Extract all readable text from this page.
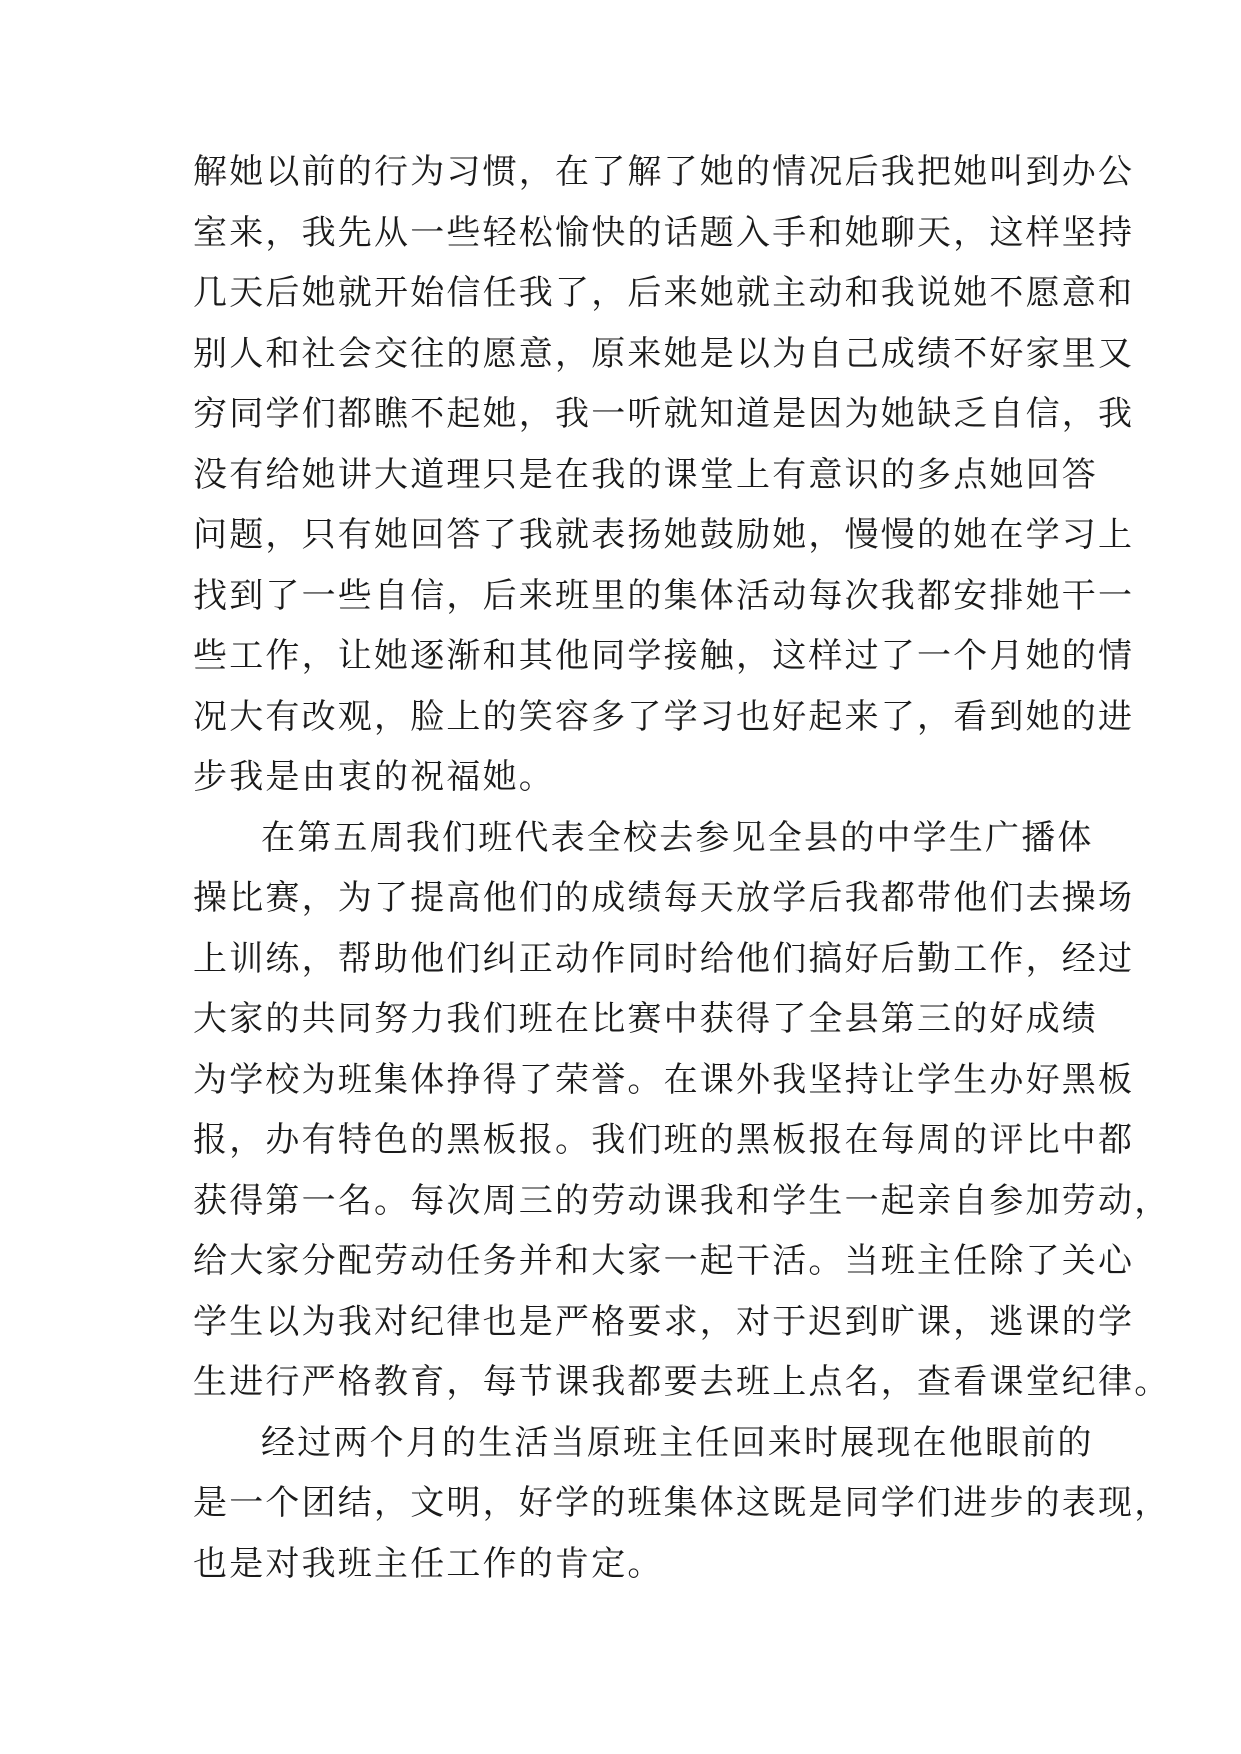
解她以前的行为习惯，在了解了她的情况后我把她叫到办公
室来，我先从一些轻松愉快的话题入手和她聊天，这样坚持
几天后她就开始信任我了，后来她就主动和我说她不愿意和
别人和社会交往的愿意，原来她是以为自己成绩不好家里又
穷同学们都瞧不起她，我一听就知道是因为她缺乏自信，我
没有给她讲大道理只是在我的课堂上有意识的多点她回答
问题，只有她回答了我就表扬她鼓励她，慢慢的她在学习上
找到了一些自信，后来班里的集体活动每次我都安排她干一
些工作，让她逐渐和其他同学接触，这样过了一个月她的情
况大有改观，脸上的笑容多了学习也好起来了，看到她的进
步我是由衷的祝福她。
在第五周我们班代表全校去参见全县的中学生广播体
操比赛，为了提高他们的成绩每天放学后我都带他们去操场
上训练，帮助他们纠正动作同时给他们搞好后勤工作，经过
大家的共同努力我们班在比赛中获得了全县第三的好成绩
为学校为班集体挣得了荣誉。在课外我坚持让学生办好黑板
报，办有特色的黑板报。我们班的黑板报在每周的评比中都
获得第一名。每次周三的劳动课我和学生一起亲自参加劳动，
给大家分配劳动任务并和大家一起干活。当班主任除了关心
学生以为我对纪律也是严格要求，对于迟到旷课，逃课的学
生进行严格教育，每节课我都要去班上点名，查看课堂纪律。
经过两个月的生活当原班主任回来时展现在他眼前的
是一个团结，文明，好学的班集体这既是同学们进步的表现，
也是对我班主任工作的肯定。
